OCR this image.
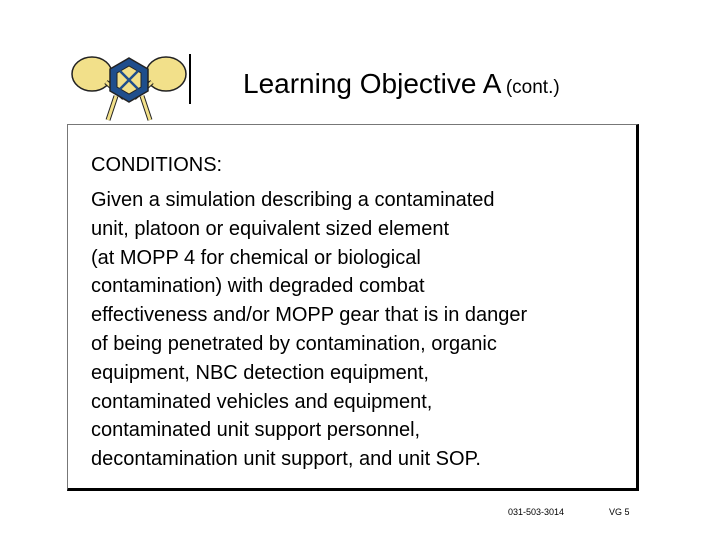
Learning Objective A (cont.)
CONDITIONS:

Given a simulation describing a contaminated
unit, platoon or equivalent sized element
(at MOPP 4 for chemical or biological
contamination) with degraded combat
effectiveness and/or MOPP gear that is in danger
of being penetrated by contamination, organic
equipment, NBC detection equipment,
contaminated vehicles and equipment,
contaminated unit support personnel,
decontamination unit support, and unit SOP.

031-503-3014	VG 5
